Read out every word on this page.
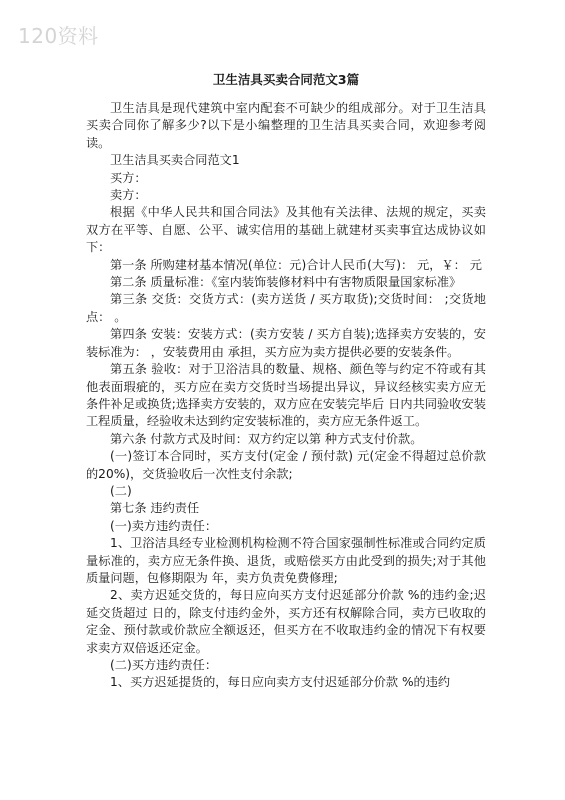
120资料
卫生洁具买卖合同范文3篇

卫生洁具是现代建筑中室内配套不可缺少的组成部分。对于卫生洁具买卖合同你了解多少?以下是小编整理的卫生洁具买卖合同，欢迎参考阅读。

卫生洁具买卖合同范文1

买方：

卖方：

根据《中华人民共和国合同法》及其他有关法律、法规的规定，买卖双方在平等、自愿、公平、诚实信用的基础上就建材买卖事宜达成协议如下：

第一条 所购建材基本情况(单位：元)合计人民币(大写)： 元，￥： 元

第二条 质量标准：《室内装饰装修材料中有害物质限量国家标准》

第三条 交货：交货方式：(卖方送货 / 买方取货);交货时间： ;交货地点： 。

第四条 安装：安装方式：(卖方安装 / 买方自装);选择卖方安装的，安装标准为： ，安装费用由 承担，买方应为卖方提供必要的安装条件。

第五条 验收：对于卫浴洁具的数量、规格、颜色等与约定不符或有其他表面瑕疵的，买方应在卖方交货时当场提出异议，异议经核实卖方应无条件补足或换货;选择卖方安装的，双方应在安装完毕后 日内共同验收安装工程质量，经验收未达到约定安装标准的，卖方应无条件返工。

第六条 付款方式及时间：双方约定以第 种方式支付价款。

(一)签订本合同时，买方支付(定金 / 预付款) 元(定金不得超过总价款的20%)，交货验收后一次性支付余款;

(二)

第七条 违约责任

(一)卖方违约责任：

1、卫浴洁具经专业检测机构检测不符合国家强制性标准或合同约定质量标准的，卖方应无条件换、退货，或赔偿买方由此受到的损失;对于其他质量问题，包修期限为 年，卖方负责免费修理;

2、卖方迟延交货的，每日应向买方支付迟延部分价款 %的违约金;迟延交货超过 日的，除支付违约金外，买方还有权解除合同，卖方已收取的定金、预付款或价款应全额返还，但买方在不收取违约金的情况下有权要求卖方双倍返还定金。

(二)买方违约责任：

1、买方迟延提货的，每日应向卖方支付迟延部分价款 %的违约
